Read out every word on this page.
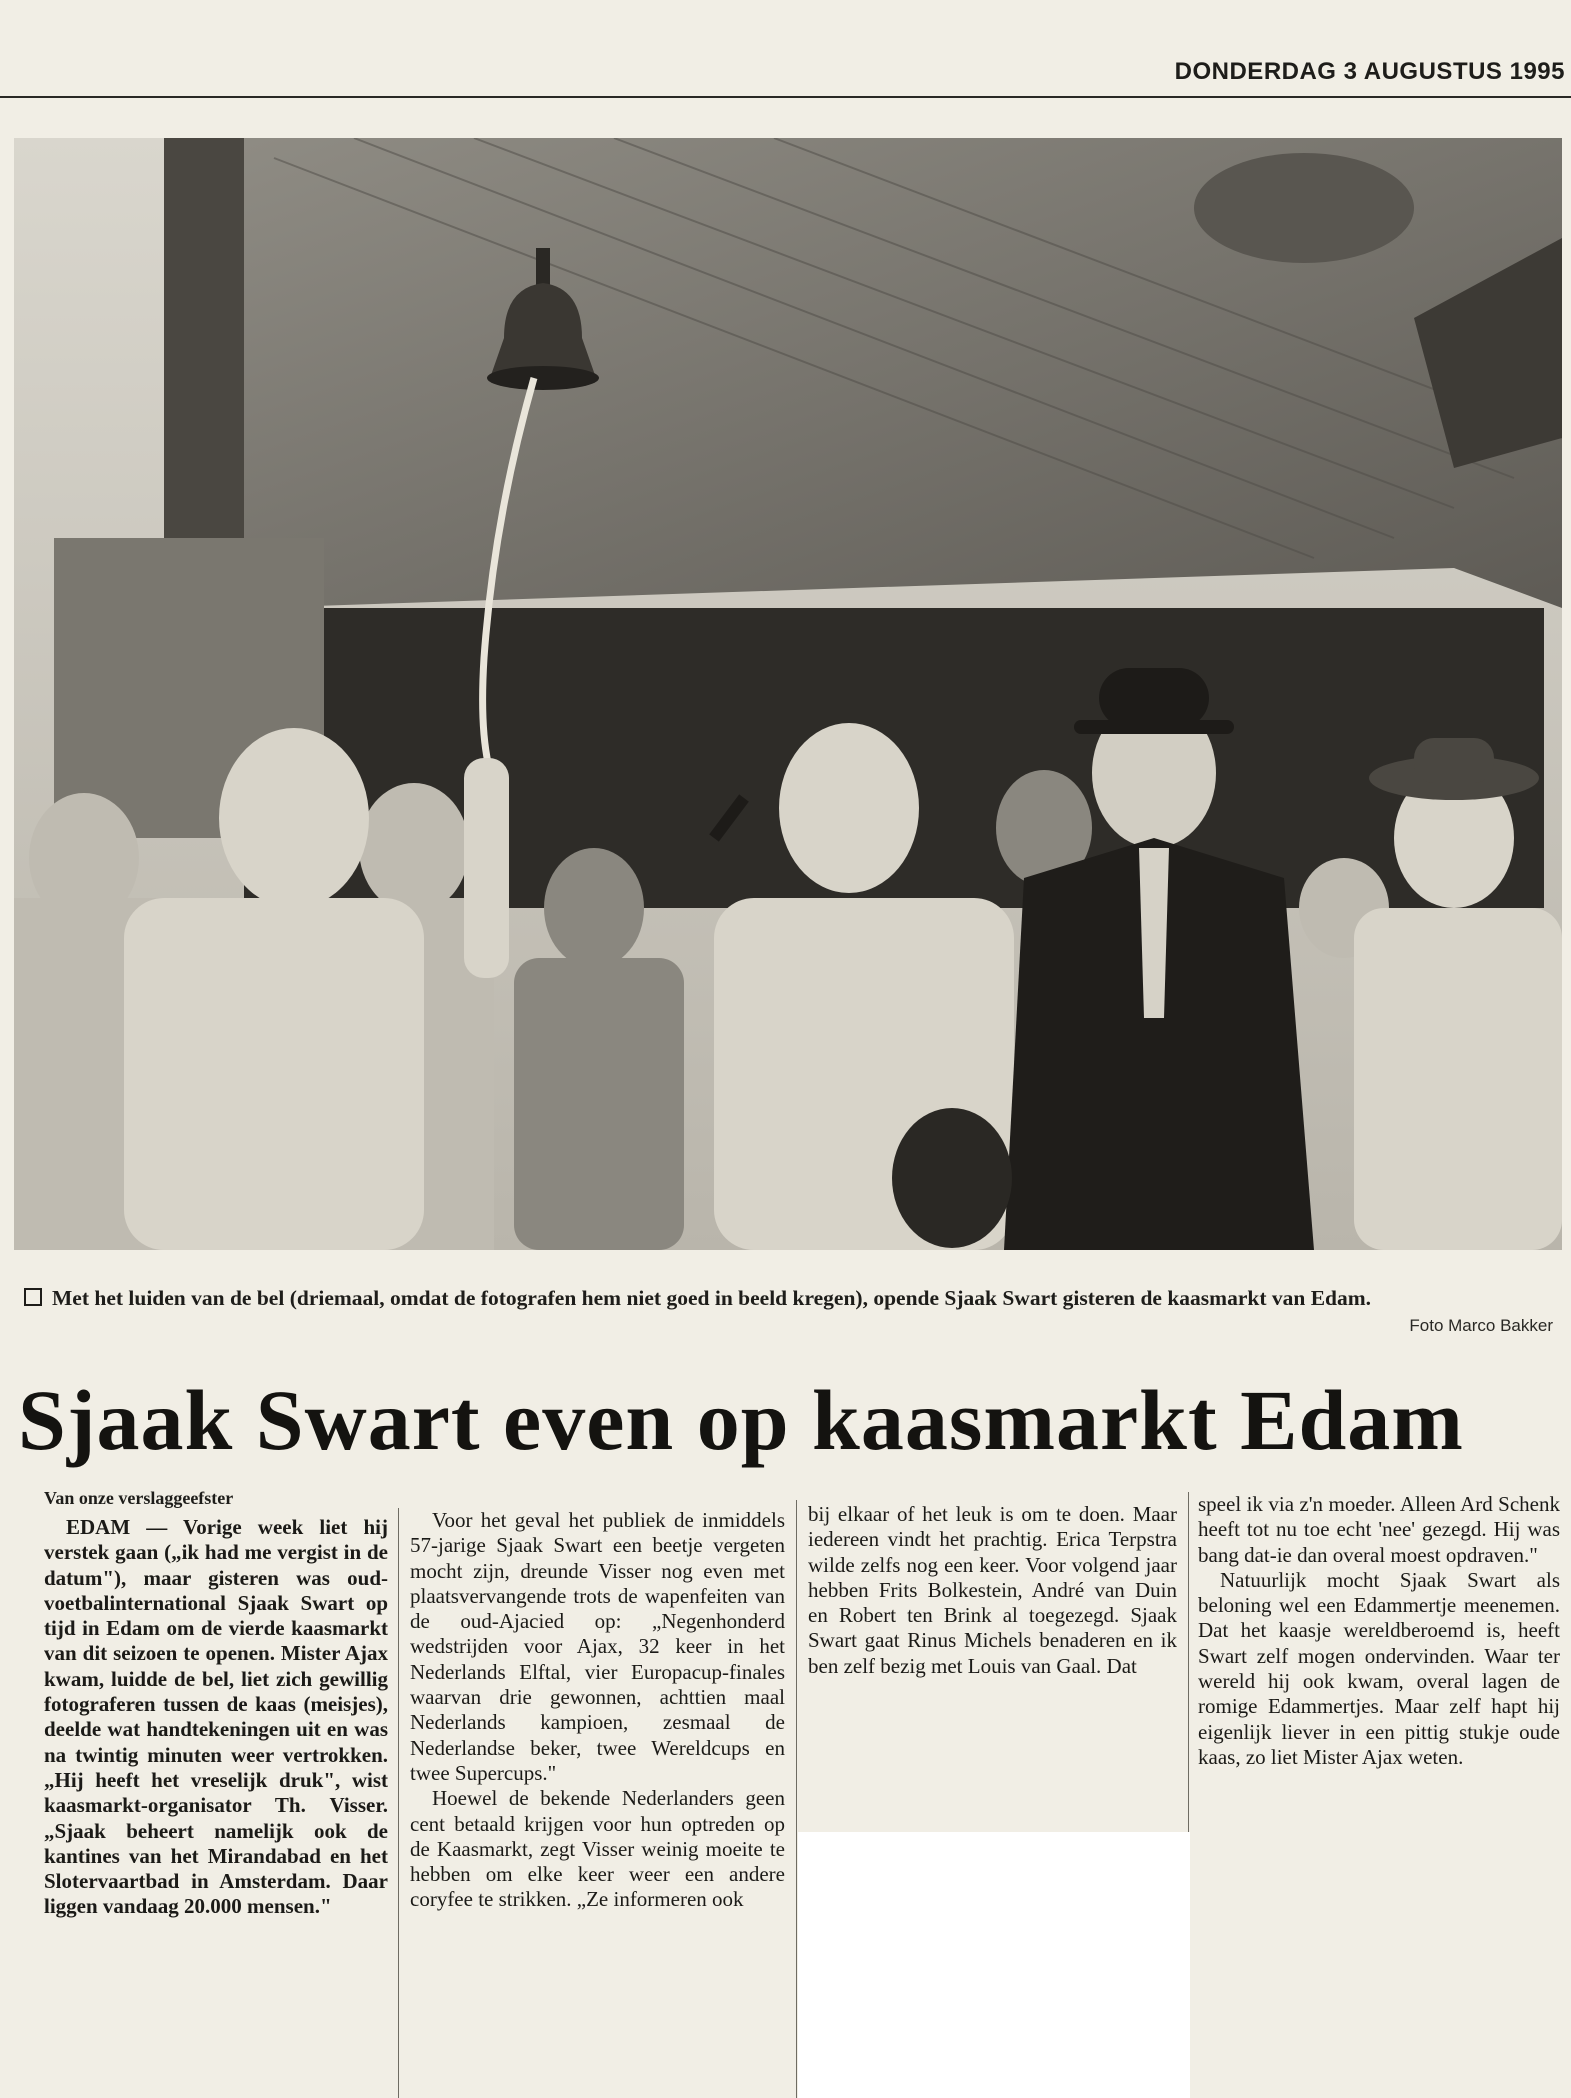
DONDERDAG 3 AUGUSTUS 1995
Met het luiden van de bel (driemaal, omdat de fotografen hem niet goed in beeld kregen), opende Sjaak Swart gisteren de kaasmarkt van Edam.
Foto Marco Bakker
Sjaak Swart even op kaasmarkt Edam
Van onze verslaggeefster

EDAM — Vorige week liet hij verstek gaan („ik had me vergist in de datum"), maar gisteren was oud-voetbalinternational Sjaak Swart op tijd in Edam om de vierde kaasmarkt van dit seizoen te openen. Mister Ajax kwam, luidde de bel, liet zich gewillig fotograferen tussen de kaas (meisjes), deelde wat handtekeningen uit en was na twintig minuten weer vertrokken. „Hij heeft het vreselijk druk", wist kaasmarkt-organisator Th. Visser. „Sjaak beheert namelijk ook de kantines van het Mirandabad en het Slotervaartbad in Amsterdam. Daar liggen vandaag 20.000 mensen."

Voor het geval het publiek de inmiddels 57-jarige Sjaak Swart een beetje vergeten mocht zijn, dreunde Visser nog even met plaatsvervangende trots de wapenfeiten van de oud-Ajacied op: „Negenhonderd wedstrijden voor Ajax, 32 keer in het Nederlands Elftal, vier Europacup-finales waarvan drie gewonnen, achttien maal Nederlands kampioen, zesmaal de Nederlandse beker, twee Wereldcups en twee Supercups."

Hoewel de bekende Nederlanders geen cent betaald krijgen voor hun optreden op de Kaasmarkt, zegt Visser weinig moeite te hebben om elke keer weer een andere coryfee te strikken. „Ze informeren ook

bij elkaar of het leuk is om te doen. Maar iedereen vindt het prachtig. Erica Terpstra wilde zelfs nog een keer. Voor volgend jaar hebben Frits Bolkestein, André van Duin en Robert ten Brink al toegezegd. Sjaak Swart gaat Rinus Michels benaderen en ik ben zelf bezig met Louis van Gaal. Dat

speel ik via z'n moeder. Alleen Ard Schenk heeft tot nu toe echt 'nee' gezegd. Hij was bang dat-ie dan overal moest opdraven."

Natuurlijk mocht Sjaak Swart als beloning wel een Edammertje meenemen. Dat het kaasje wereldberoemd is, heeft Swart zelf mogen ondervinden. Waar ter wereld hij ook kwam, overal lagen de romige Edammertjes. Maar zelf hapt hij eigenlijk liever in een pittig stukje oude kaas, zo liet Mister Ajax weten.
